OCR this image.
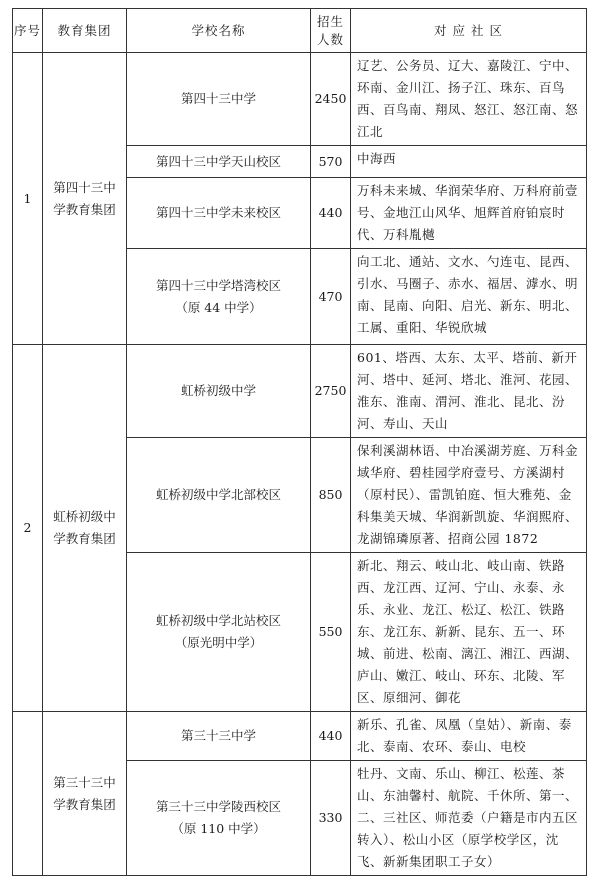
序号	教育集团	学校名称	招生人数	对 应 社 区
1	第四十三中学教育集团	第四十三中学	2450	辽艺、公务员、辽大、嘉陵江、宁中、环南、金川江、扬子江、珠东、百鸟西、百鸟南、翔凤、怒江、怒江南、怒江北

		第四十三中学天山校区	570	中海西

		第四十三中学未来校区	440	万科未来城、华润荣华府、万科府前壹号、金地江山风华、旭辉首府铂宸时代、万科胤樾

		第四十三中学塔湾校区
（原 44 中学）	470	向工北、通站、文水、勺连屯、昆西、引水、马圈子、赤水、福居、滹水、明南、昆南、向阳、启光、新东、明北、工属、重阳、华锐欣城
2	虹桥初级中学教育集团	虹桥初级中学	2750	601、塔西、太东、太平、塔前、新开河、塔中、延河、塔北、淮河、花园、淮东、淮南、渭河、淮北、昆北、汾河、寿山、天山

		虹桥初级中学北部校区	850	保利溪湖林语、中冶溪湖芳庭、万科金域华府、碧桂园学府壹号、方溪湖村（原村民）、雷凯铂庭、恒大雅苑、金科集美天城、华润新凯旋、华润熙府、龙湖锦璘原著、招商公园 1872

		虹桥初级中学北站校区
（原光明中学）	550	新北、翔云、岐山北、岐山南、铁路西、龙江西、辽河、宁山、永泰、永乐、永业、龙江、松辽、松江、铁路东、龙江东、新新、昆东、五一、环城、前进、松南、漓江、湘江、西湖、庐山、嫩江、岐山、环东、北陵、军区、原细河、御花
	第三十三中学教育集团	第三十三中学	440	新乐、孔雀、凤凰（皇姑）、新南、泰北、泰南、农环、泰山、电校

		第三十三中学陵西校区
（原 110 中学）	330	牡丹、文南、乐山、柳江、松莲、茶山、东油馨村、航院、千休所、第一、二、三社区、师范委（户籍是市内五区转入）、松山小区（原学校学区，沈飞、新新集团职工子女）
